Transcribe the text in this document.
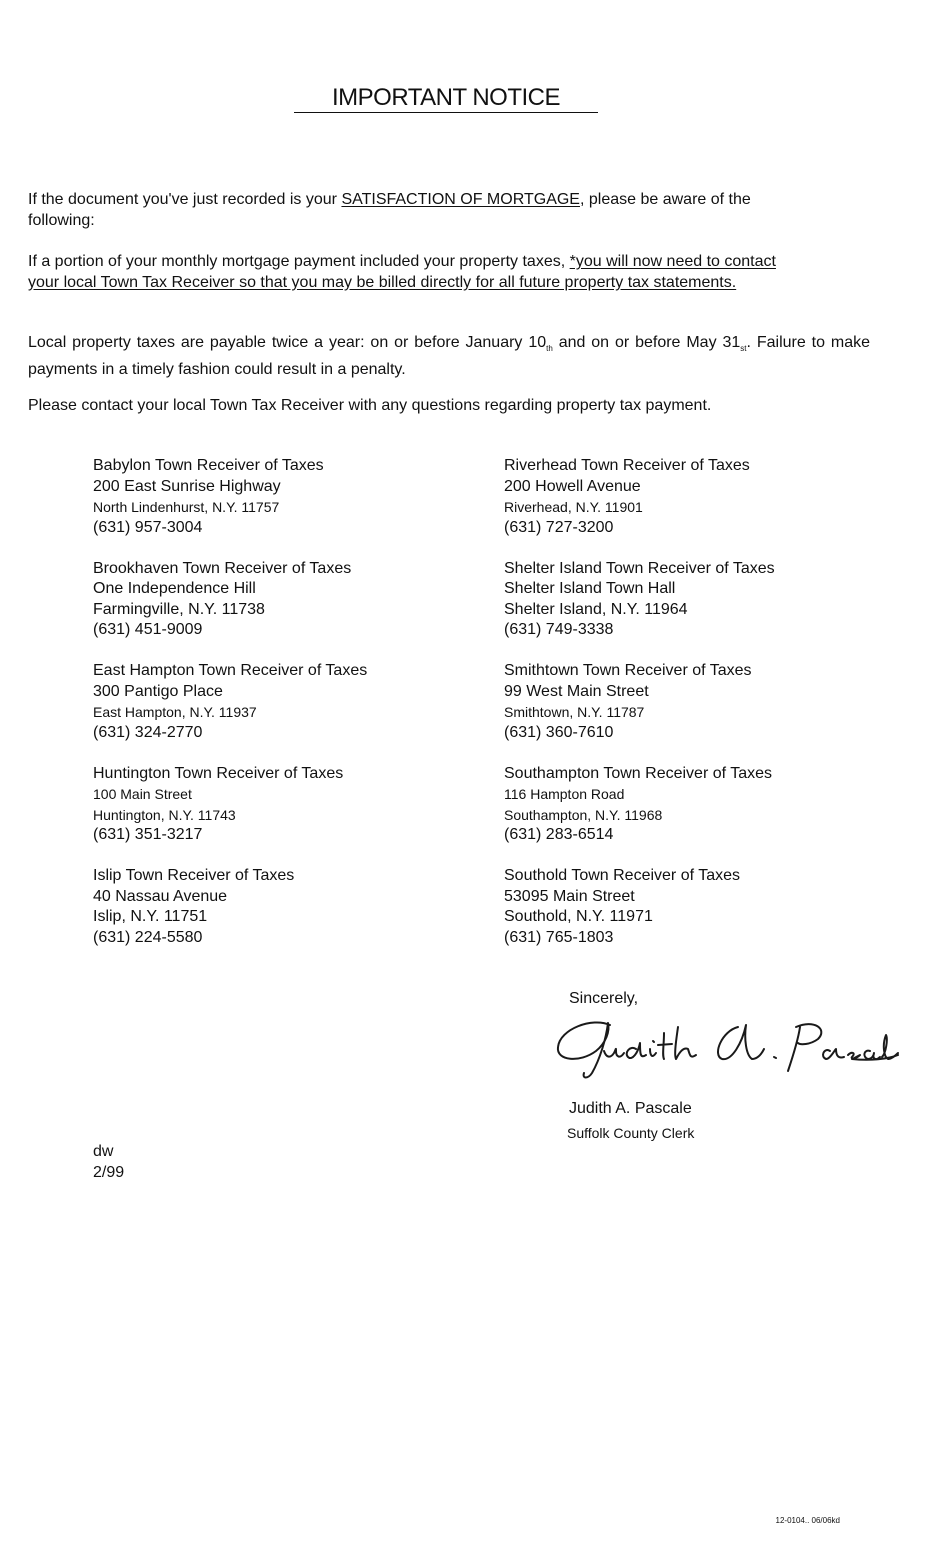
IMPORTANT NOTICE
If the document you've just recorded is your SATISFACTION OF MORTGAGE, please be aware of the following:
If a portion of your monthly mortgage payment included your property taxes, *you will now need to contact your local Town Tax Receiver so that you may be billed directly for all future property tax statements.
Local property taxes are payable twice a year: on or before January $10_{th}$ and on or before May $31_{st}$. Failure to make payments in a timely fashion could result in a penalty.
Please contact your local Town Tax Receiver with any questions regarding property tax payment.
Babylon Town Receiver of Taxes
200 East Sunrise Highway
North Lindenhurst, N.Y. 11757
(631) 957-3004
Brookhaven Town Receiver of Taxes
One Independence Hill
Farmingville, N.Y. 11738
(631) 451-9009
East Hampton Town Receiver of Taxes
300 Pantigo Place
East Hampton, N.Y. 11937
(631) 324-2770
Huntington Town Receiver of Taxes
100 Main Street
Huntington, N.Y. 11743
(631) 351-3217
Islip Town Receiver of Taxes
40 Nassau Avenue
Islip, N.Y. 11751
(631) 224-5580
Riverhead Town Receiver of Taxes
200 Howell Avenue
Riverhead, N.Y. 11901
(631) 727-3200
Shelter Island Town Receiver of Taxes
Shelter Island Town Hall
Shelter Island, N.Y. 11964
(631) 749-3338
Smithtown Town Receiver of Taxes
99 West Main Street
Smithtown, N.Y. 11787
(631) 360-7610
Southampton Town Receiver of Taxes
116 Hampton Road
Southampton, N.Y. 11968
(631) 283-6514
Southold Town Receiver of Taxes
53095 Main Street
Southold, N.Y. 11971
(631) 765-1803
Sincerely,
Judith A. Pascale
Suffolk County Clerk
dw
2/99
12-0104.. 06/06kd
